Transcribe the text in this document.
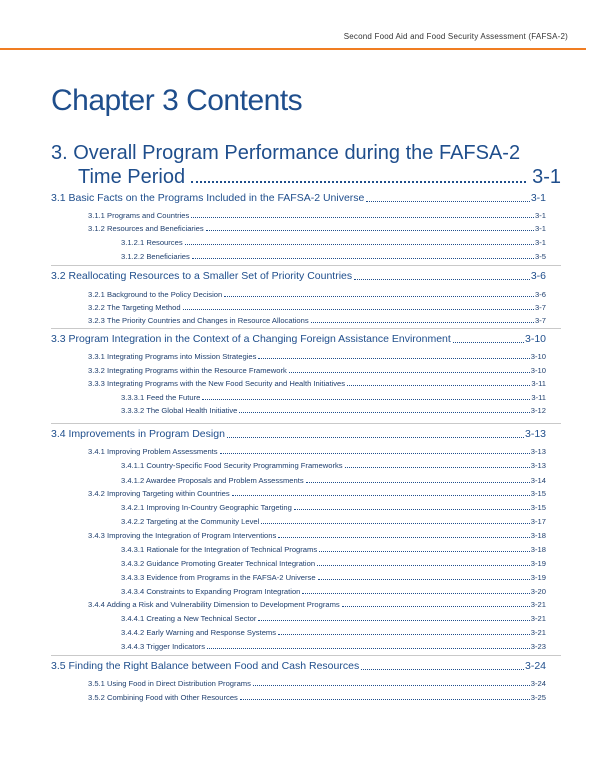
Second Food Aid and Food Security Assessment (FAFSA-2)
Chapter 3 Contents
3. Overall Program Performance during the FAFSA-2
Time Period	3-1
3.1 Basic Facts on the Programs Included in the FAFSA-2 Universe	3-1
3.1.1 Programs and Countries	3-1
3.1.2 Resources and Beneficiaries	3-1
3.1.2.1 Resources	3-1
3.1.2.2 Beneficiaries	3-5
3.2 Reallocating Resources to a Smaller Set of Priority Countries	3-6
3.2.1 Background to the Policy Decision	3-6
3.2.2 The Targeting Method	3-7
3.2.3 The Priority Countries and Changes in Resource Allocations	3-7
3.3 Program Integration in the Context of a Changing Foreign Assistance Environment	3-10
3.3.1 Integrating Programs into Mission Strategies	3-10
3.3.2 Integrating Programs within the Resource Framework	3-10
3.3.3 Integrating Programs with the New Food Security and Health Initiatives	3-11
3.3.3.1 Feed the Future	3-11
3.3.3.2 The Global Health Initiative	3-12
3.4 Improvements in Program Design	3-13
3.4.1 Improving Problem Assessments	3-13
3.4.1.1 Country-Specific Food Security Programming Frameworks	3-13
3.4.1.2 Awardee Proposals and Problem Assessments	3-14
3.4.2 Improving Targeting within Countries	3-15
3.4.2.1 Improving In-Country Geographic Targeting	3-15
3.4.2.2 Targeting at the Community Level	3-17
3.4.3 Improving the Integration of Program Interventions	3-18
3.4.3.1 Rationale for the Integration of Technical Programs	3-18
3.4.3.2 Guidance Promoting Greater Technical Integration	3-19
3.4.3.3 Evidence from Programs in the FAFSA-2 Universe	3-19
3.4.3.4 Constraints to Expanding Program Integration	3-20
3.4.4 Adding a Risk and Vulnerability Dimension to Development Programs	3-21
3.4.4.1 Creating a New Technical Sector	3-21
3.4.4.2 Early Warning and Response Systems	3-21
3.4.4.3 Trigger Indicators	3-23
3.5 Finding the Right Balance between Food and Cash Resources	3-24
3.5.1 Using Food in Direct Distribution Programs	3-24
3.5.2 Combining Food with Other Resources	3-25
